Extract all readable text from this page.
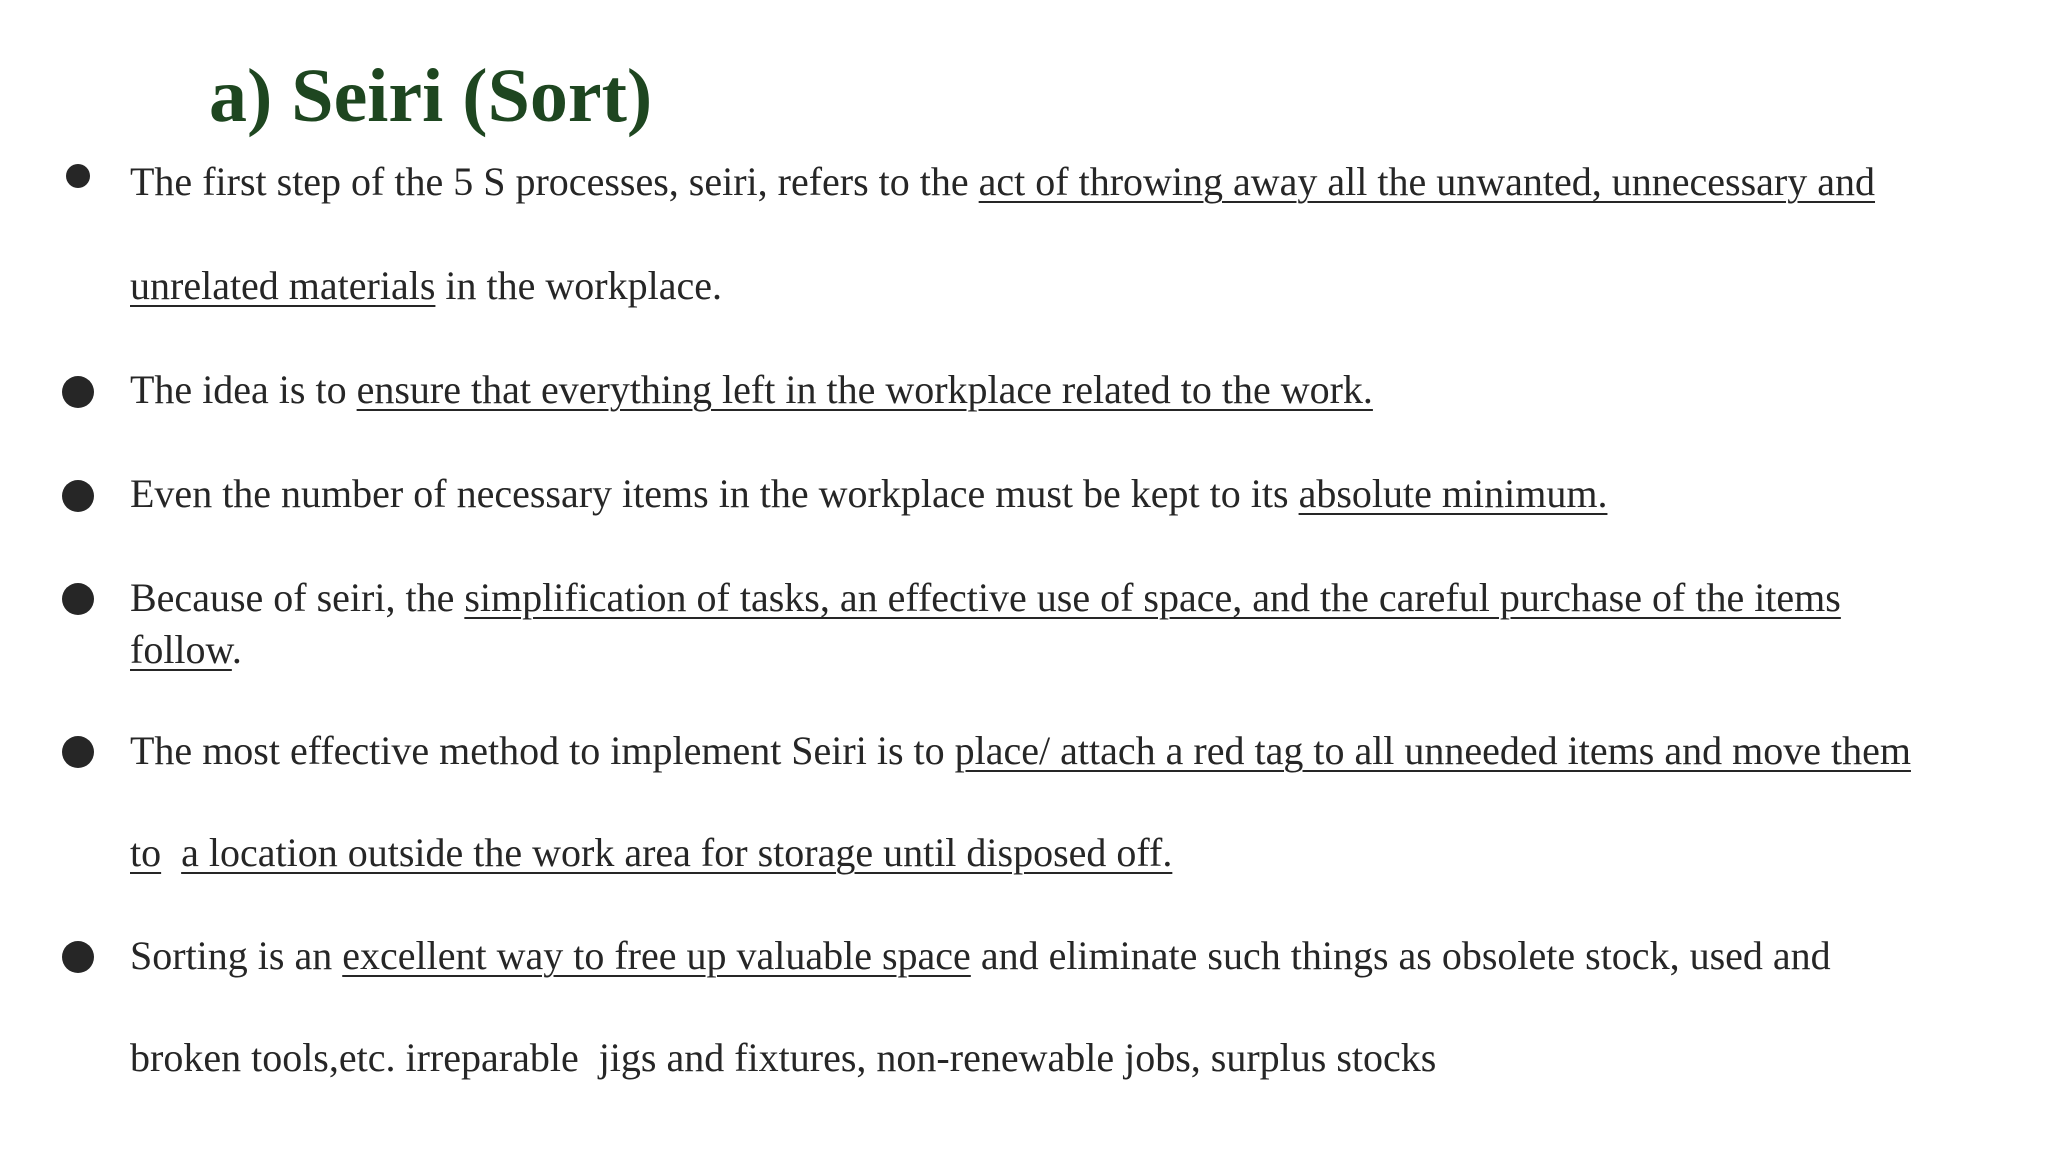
a) Seiri (Sort)

The first step of the 5 S processes, seiri, refers to the act of throwing away all the unwanted, unnecessary and

unrelated materials in the workplace.

The idea is to ensure that everything left in the workplace related to the work.

Even the number of necessary items in the workplace must be kept to its absolute minimum.

Because of seiri, the simplification of tasks, an effective use of space, and the careful purchase of the items

follow.

The most effective method to implement Seiri is to place/ attach a red tag to all unneeded items and move them

to a location outside the work area for storage until disposed off.

Sorting is an excellent way to free up valuable space and eliminate such things as obsolete stock, used and

broken tools,etc. irreparable  jigs and fixtures, non-renewable jobs, surplus stocks
